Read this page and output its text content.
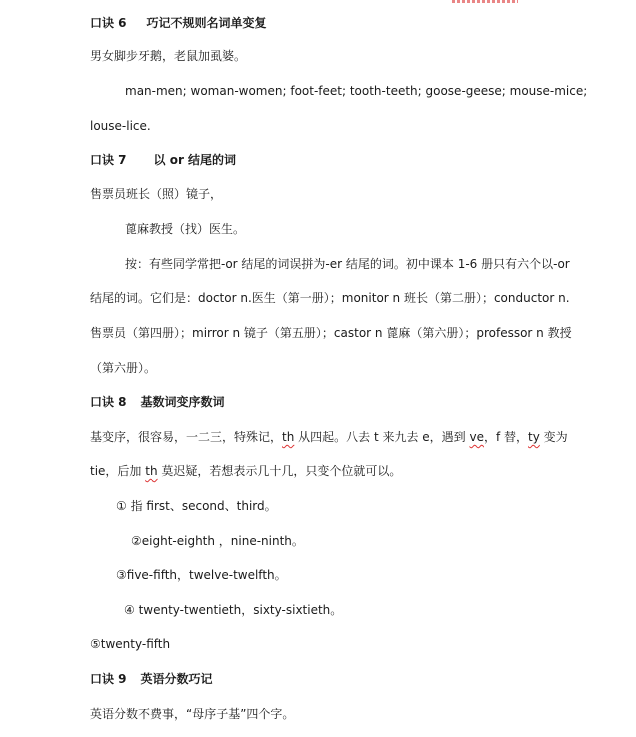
口诀 6 巧记不规则名词单变复
男女脚步牙鹅，老鼠加虱婆。
man-men; woman-women; foot-feet; tooth-teeth; goose-geese; mouse-mice;
louse-lice.
口诀 7 以 or 结尾的词
售票员班长（照）镜子，
蓖麻教授（找）医生。
按：有些同学常把-or 结尾的词误拼为-er 结尾的词。初中课本 1-6 册只有六个以-or
结尾的词。它们是：doctor n.医生（第一册）；monitor n 班长（第二册）；conductor n.
售票员（第四册）；mirror n 镜子（第五册）；castor n 蓖麻（第六册）；professor n 教授
（第六册）。
口诀 8 基数词变序数词
基变序，很容易，一二三，特殊记，th 从四起。八去 t 来九去 e，遇到 ve，f 替，ty 变为
tie，后加 th 莫迟疑，若想表示几十几，只变个位就可以。
① 指 first、second、third。
②eight-eighth ，nine-ninth。
③five-fifth，twelve-twelfth。
④ twenty-twentieth，sixty-sixtieth。
⑤twenty-fifth
口诀 9 英语分数巧记
英语分数不费事，“母序子基”四个字。
